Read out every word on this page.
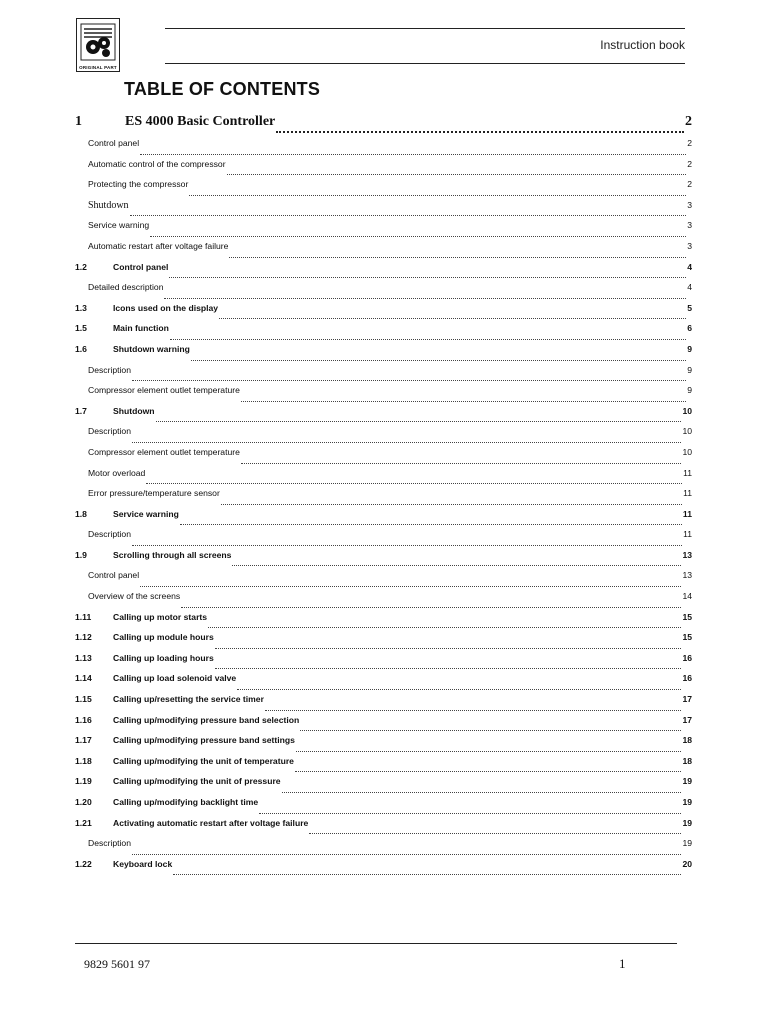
ORIGINAL PART
Instruction book
TABLE OF CONTENTS
1	ES 4000 Basic Controller	2
Control panel	2
Automatic control of the compressor	2
Protecting the compressor	2
Shutdown	3
Service warning	3
Automatic restart after voltage failure	3
1.2	Control panel	4
Detailed description	4
1.3	Icons used on the display	5
1.5	Main function	6
1.6	Shutdown warning	9
Description	9
Compressor element outlet temperature	9
1.7	Shutdown	10
Description	10
Compressor element outlet temperature	10
Motor overload	11
Error pressure/temperature sensor	11
1.8	Service warning	11
Description	11
1.9	Scrolling through all screens	13
Control panel	13
Overview of the screens	14
1.11	Calling up motor starts	15
1.12	Calling up module hours	15
1.13	Calling up loading hours	16
1.14	Calling up load solenoid valve	16
1.15	Calling up/resetting the service timer	17
1.16	Calling up/modifying pressure band selection	17
1.17	Calling up/modifying pressure band settings	18
1.18	Calling up/modifying the unit of temperature	18
1.19	Calling up/modifying the unit of pressure	19
1.20	Calling up/modifying backlight time	19
1.21	Activating automatic restart after voltage failure	19
Description	19
1.22	Keyboard lock	20
9829 5601 97	1
